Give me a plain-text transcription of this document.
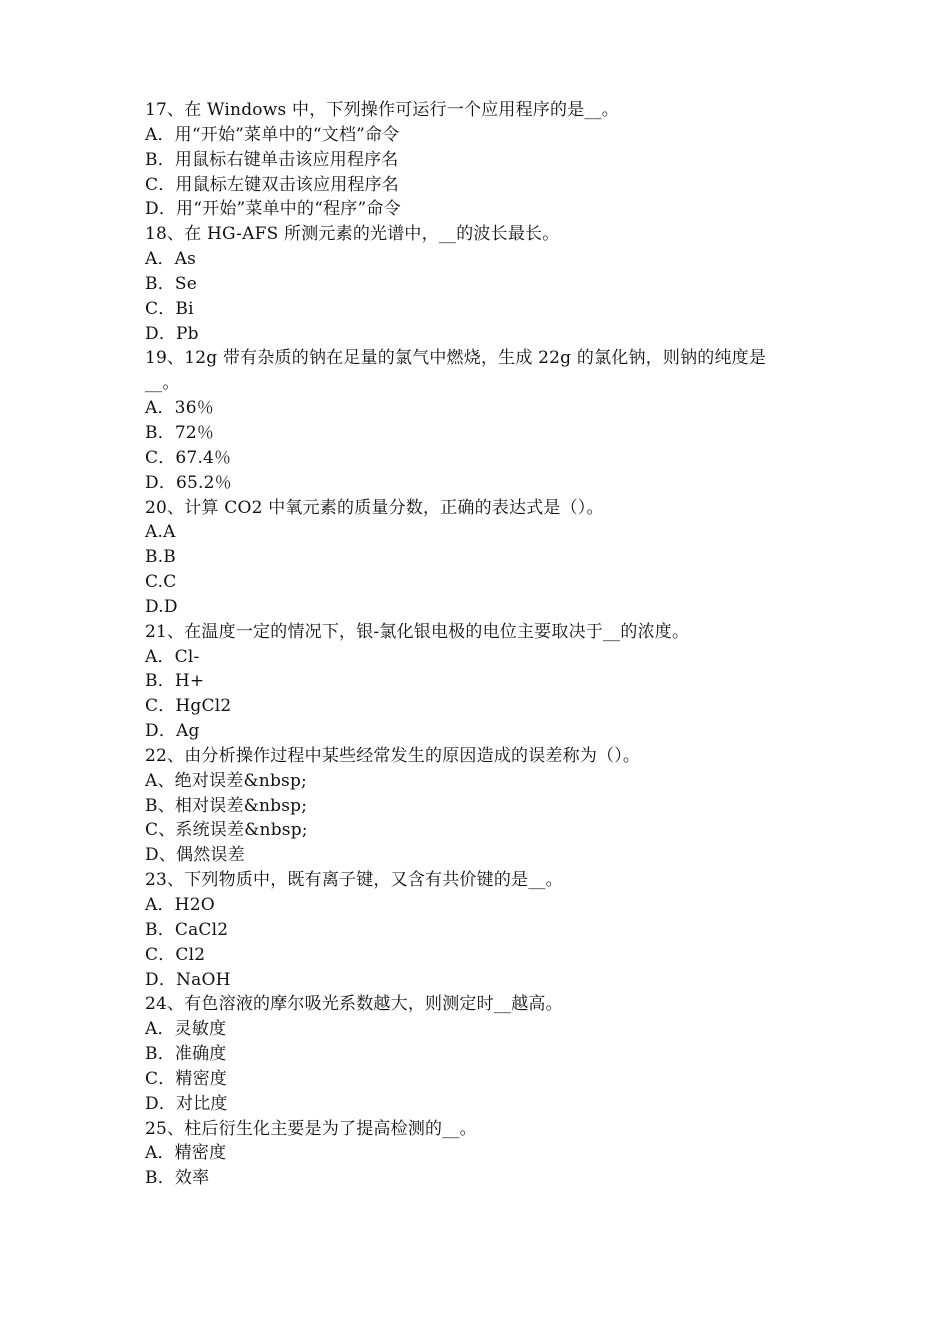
17、在 Windows 中，下列操作可运行一个应用程序的是__。
A．用“开始”菜单中的“文档”命令
B．用鼠标右键单击该应用程序名
C．用鼠标左键双击该应用程序名
D．用“开始”菜单中的“程序”命令
18、在 HG-AFS 所测元素的光谱中，__的波长最长。
A．As
B．Se
C．Bi
D．Pb
19、12g 带有杂质的钠在足量的氯气中燃烧，生成 22g 的氯化钠，则钠的纯度是
__。
A．36％
B．72％
C．67.4％
D．65.2％
20、计算 CO2 中氧元素的质量分数，正确的表达式是（）。
A.A
B.B
C.C
D.D
21、在温度一定的情况下，银-氯化银电极的电位主要取决于__的浓度。
A．Cl-
B．H+
C．HgCl2
D．Ag
22、由分析操作过程中某些经常发生的原因造成的误差称为（）。
A、绝对误差&nbsp;
B、相对误差&nbsp;
C、系统误差&nbsp;
D、偶然误差
23、下列物质中，既有离子键，又含有共价键的是__。
A．H2O
B．CaCl2
C．Cl2
D．NaOH
24、有色溶液的摩尔吸光系数越大，则测定时__越高。
A．灵敏度
B．准确度
C．精密度
D．对比度
25、柱后衍生化主要是为了提高检测的__。
A．精密度
B．效率
